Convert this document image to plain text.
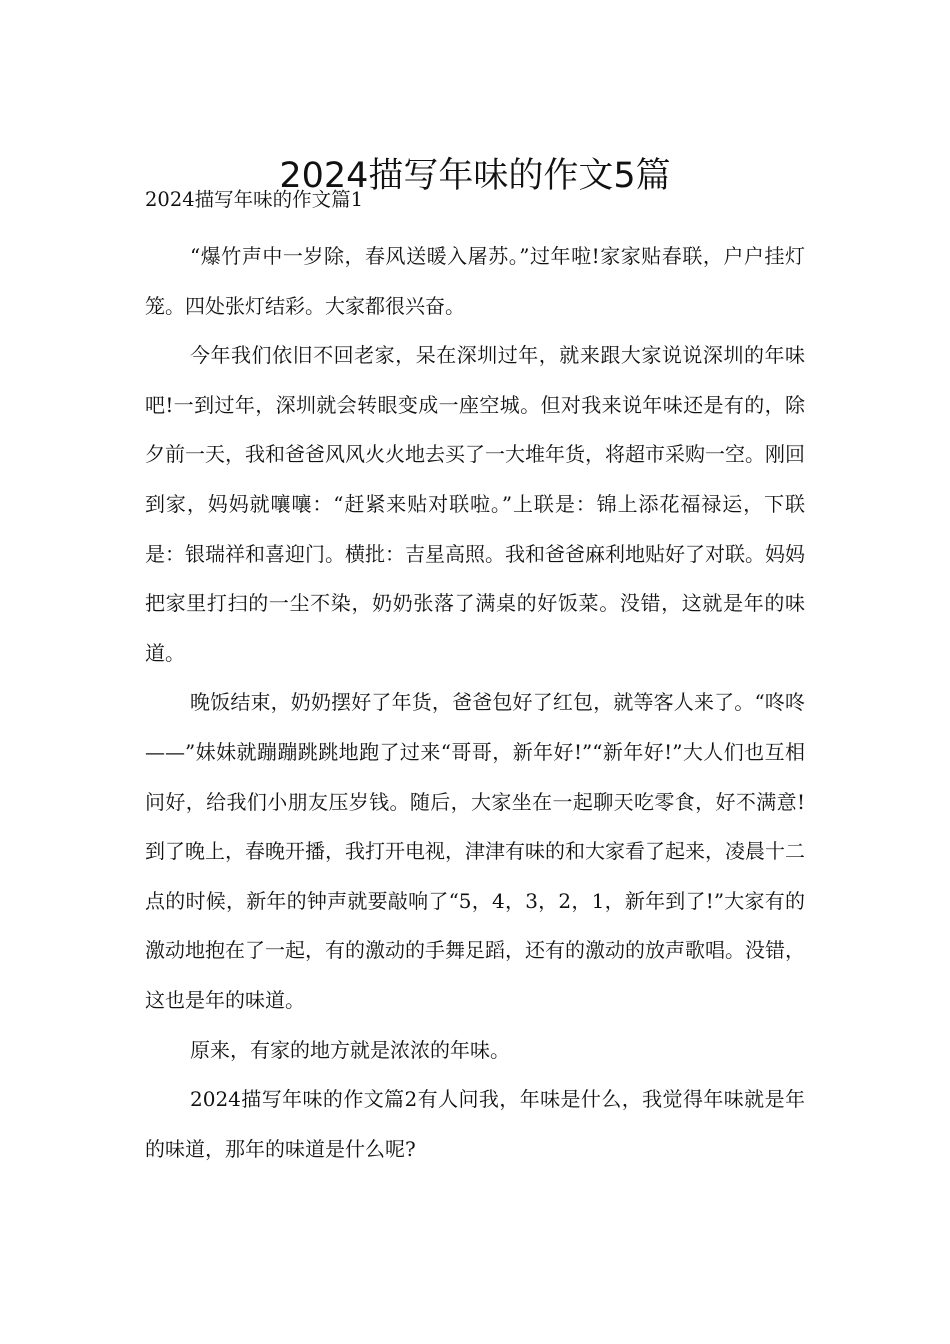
2024描写年味的作文5篇
2024描写年味的作文篇1

“爆竹声中一岁除，春风送暖入屠苏。”过年啦!家家贴春联，户户挂灯笼。四处张灯结彩。大家都很兴奋。

今年我们依旧不回老家，呆在深圳过年，就来跟大家说说深圳的年味吧!一到过年，深圳就会转眼变成一座空城。但对我来说年味还是有的，除夕前一天，我和爸爸风风火火地去买了一大堆年货，将超市采购一空。刚回到家，妈妈就嚷嚷：“赶紧来贴对联啦。”上联是：锦上添花福禄运，下联是：银瑞祥和喜迎门。横批：吉星高照。我和爸爸麻利地贴好了对联。妈妈把家里打扫的一尘不染，奶奶张落了满桌的好饭菜。没错，这就是年的味道。

晚饭结束，奶奶摆好了年货，爸爸包好了红包，就等客人来了。“咚咚——”妹妹就蹦蹦跳跳地跑了过来“哥哥，新年好!”“新年好!”大人们也互相问好，给我们小朋友压岁钱。随后，大家坐在一起聊天吃零食，好不满意!到了晚上，春晚开播，我打开电视，津津有味的和大家看了起来，凌晨十二点的时候，新年的钟声就要敲响了“5，4，3，2，1，新年到了!”大家有的激动地抱在了一起，有的激动的手舞足蹈，还有的激动的放声歌唱。没错，这也是年的味道。

原来，有家的地方就是浓浓的年味。

2024描写年味的作文篇2有人问我，年味是什么，我觉得年味就是年的味道，那年的味道是什么呢?
